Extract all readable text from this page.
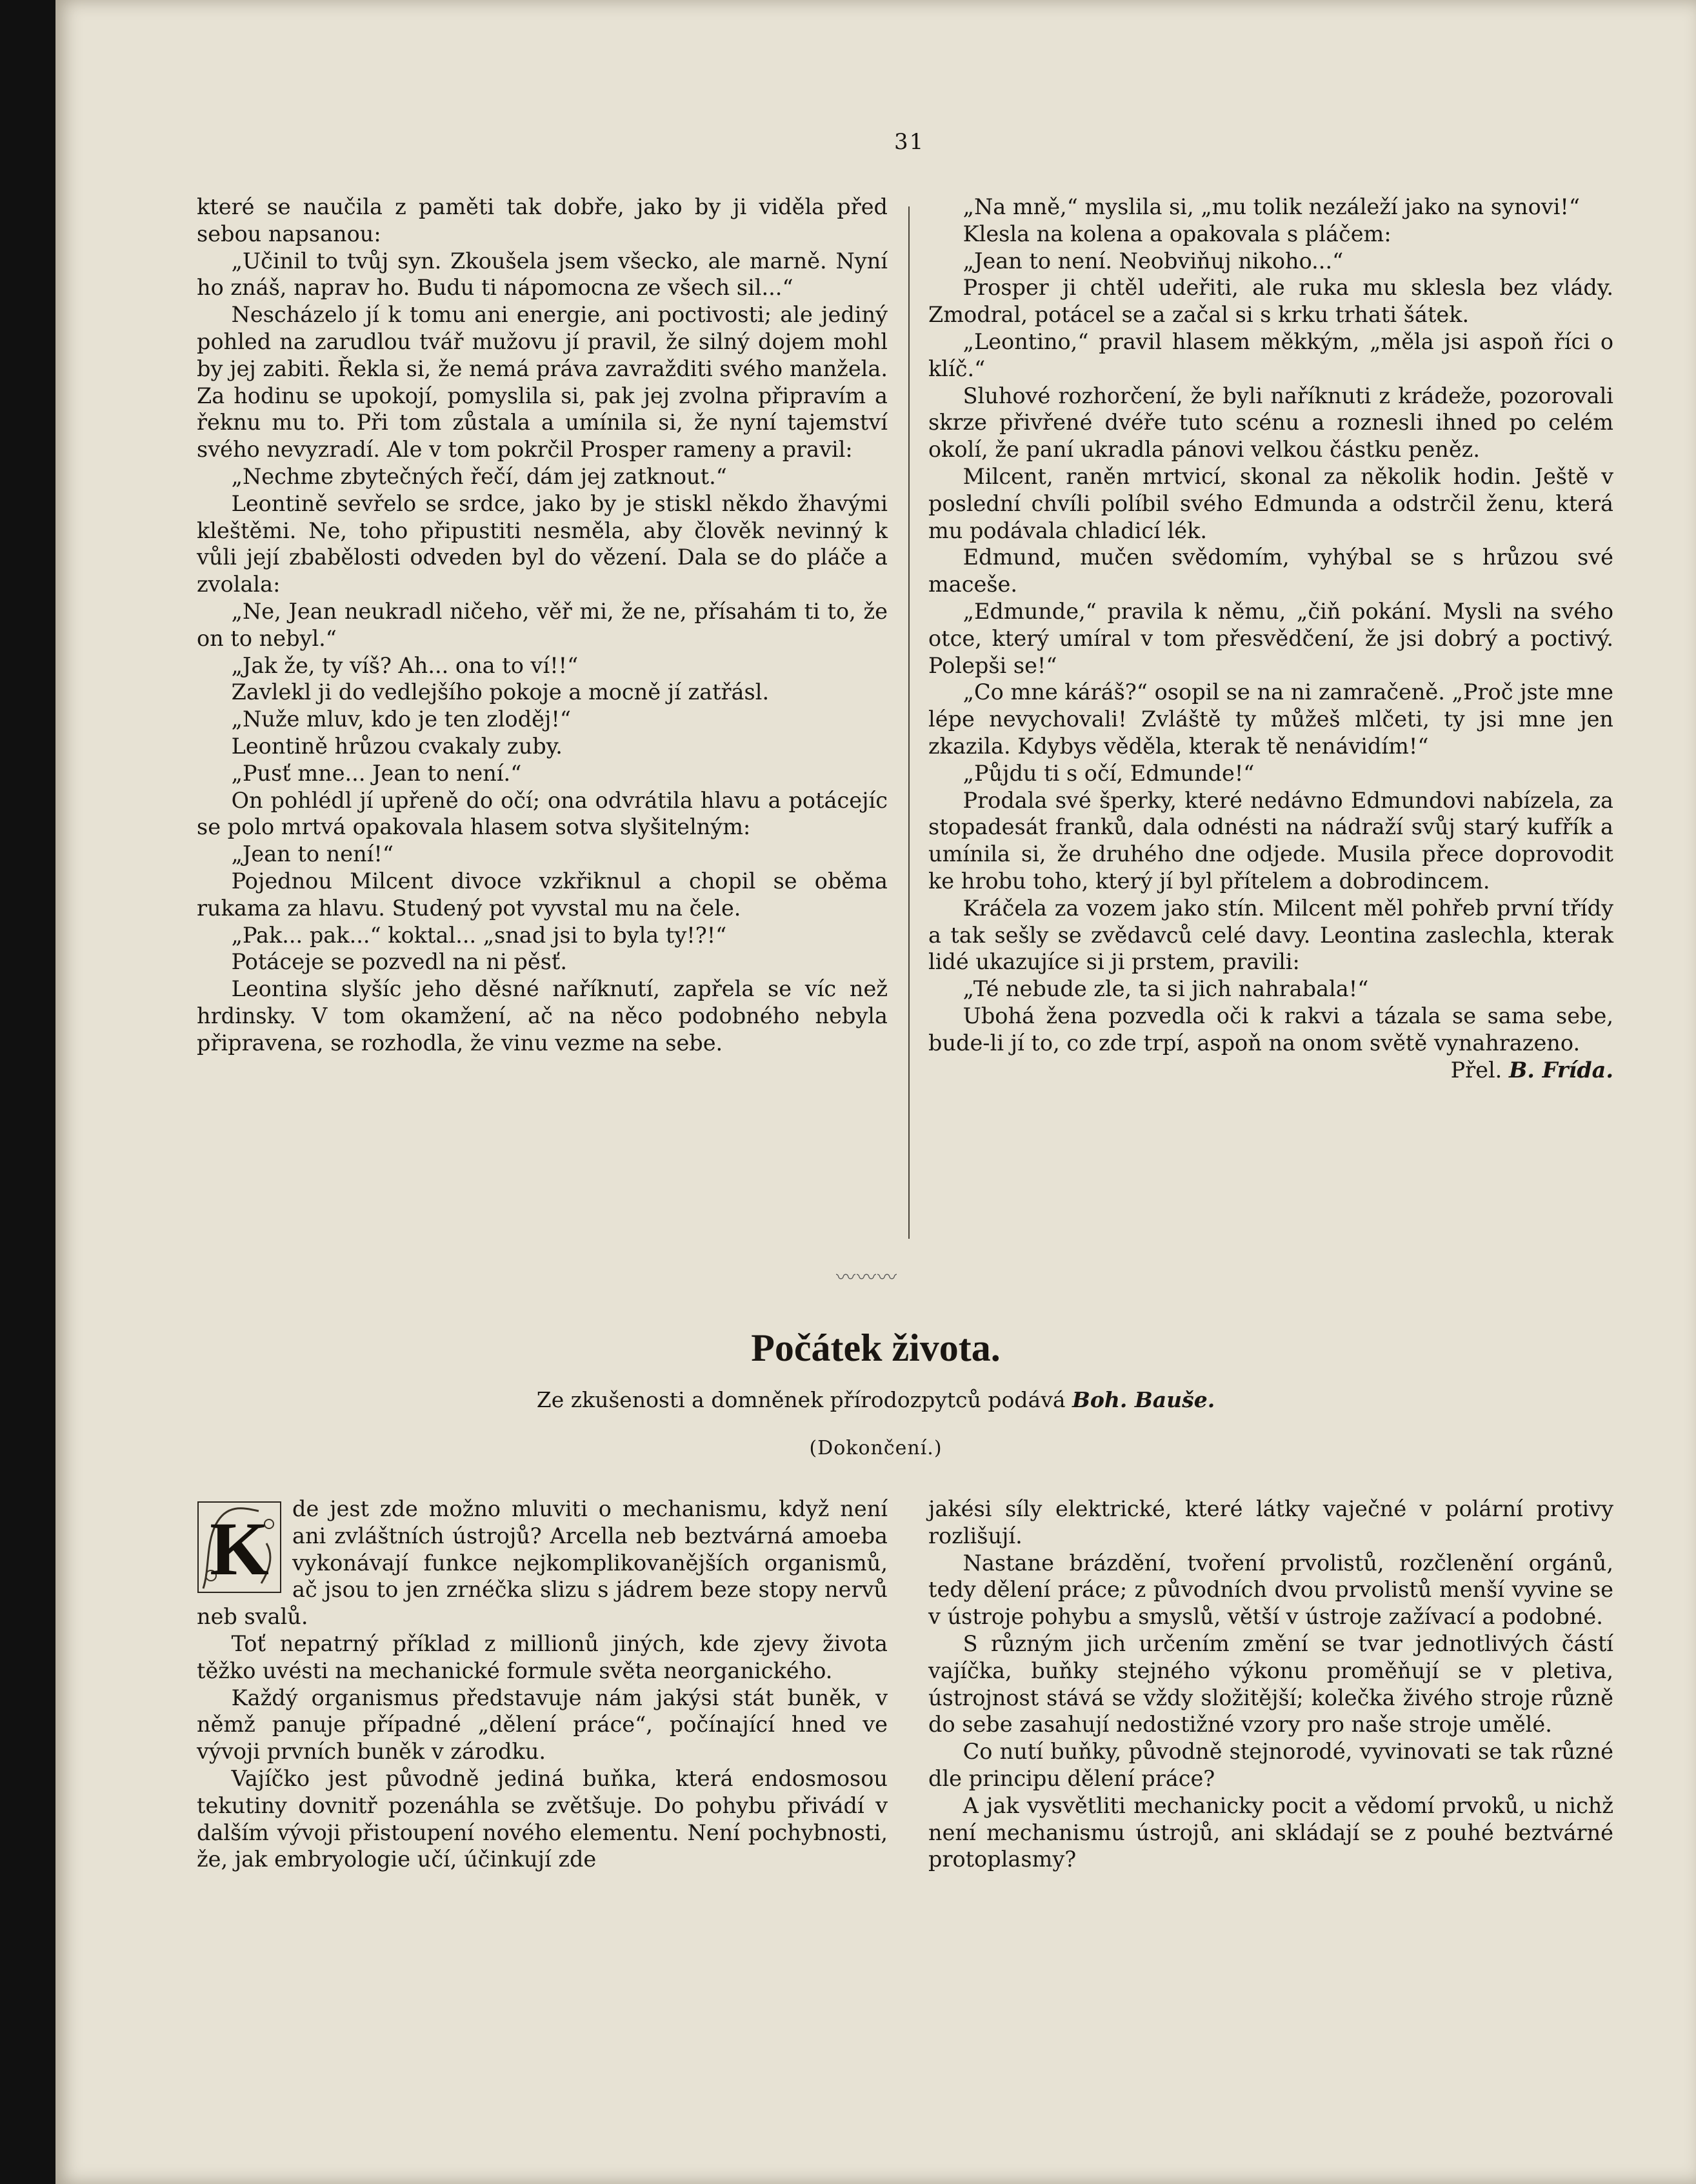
31

které se naučila z paměti tak dobře, jako by ji viděla před sebou napsanou:

„Učinil to tvůj syn. Zkoušela jsem všecko, ale marně. Nyní ho znáš, naprav ho. Budu ti nápomocna ze všech sil...“

Nescházelo jí k tomu ani energie, ani poctivosti; ale jediný pohled na zarudlou tvář mužovu jí pravil, že silný dojem mohl by jej zabiti. Řekla si, že nemá práva zavražditi svého manžela. Za hodinu se upokojí, pomyslila si, pak jej zvolna připravím a řeknu mu to. Při tom zůstala a umínila si, že nyní tajemství svého nevyzradí. Ale v tom pokrčil Prosper rameny a pravil:

„Nechme zbytečných řečí, dám jej zatknout.“

Leontině sevřelo se srdce, jako by je stiskl někdo žhavými kleštěmi. Ne, toho připustiti nesměla, aby člověk nevinný k vůli její zbabělosti odveden byl do vězení. Dala se do pláče a zvolala:

„Ne, Jean neukradl ničeho, věř mi, že ne, přísahám ti to, že on to nebyl.“

„Jak že, ty víš? Ah... ona to ví!!“

Zavlekl ji do vedlejšího pokoje a mocně jí zatřásl.

„Nuže mluv, kdo je ten zloděj!“

Leontině hrůzou cvakaly zuby.

„Pusť mne... Jean to není.“

On pohlédl jí upřeně do očí; ona odvrátila hlavu a potácejíc se polo mrtvá opakovala hlasem sotva slyšitelným:

„Jean to není!“

Pojednou Milcent divoce vzkřiknul a chopil se oběma rukama za hlavu. Studený pot vyvstal mu na čele.

„Pak... pak...“ koktal... „snad jsi to byla ty!?!“

Potáceje se pozvedl na ni pěsť.

Leontina slyšíc jeho děsné naříknutí, zapřela se víc než hrdinsky. V tom okamžení, ač na něco podobného nebyla připravena, se rozhodla, že vinu vezme na sebe.

„Na mně,“ myslila si, „mu tolik nezáleží jako na synovi!“

Klesla na kolena a opakovala s pláčem:

„Jean to není. Neobviňuj nikoho...“

Prosper ji chtěl udeřiti, ale ruka mu sklesla bez vlády. Zmodral, potácel se a začal si s krku trhati šátek.

„Leontino,“ pravil hlasem měkkým, „měla jsi aspoň říci o klíč.“

Sluhové rozhorčení, že byli naříknuti z krádeže, pozorovali skrze přivřené dvéře tuto scénu a roznesli ihned po celém okolí, že paní ukradla pánovi velkou částku peněz.

Milcent, raněn mrtvicí, skonal za několik hodin. Ještě v poslední chvíli políbil svého Edmunda a odstrčil ženu, která mu podávala chladicí lék.

Edmund, mučen svědomím, vyhýbal se s hrůzou své macešе.

„Edmunde,“ pravila k němu, „čiň pokání. Mysli na svého otce, který umíral v tom přesvědčení, že jsi dobrý a poctivý. Polepši se!“

„Co mne káráš?“ osopil se na ni zamračeně. „Proč jste mne lépe nevychovali! Zvláště ty můžeš mlčeti, ty jsi mne jen zkazila. Kdybys věděla, kterak tě nenávidím!“

„Půjdu ti s očí, Edmunde!“

Prodala své šperky, které nedávno Edmundovi nabízela, za stopadesát franků, dala odnésti na nádraží svůj starý kufřík a umínila si, že druhého dne odjede. Musila přece doprovodit ke hrobu toho, který jí byl přítelem a dobrodincem.

Kráčela za vozem jako stín. Milcent měl pohřeb první třídy a tak sešly se zvědavců celé davy. Leontina zaslechla, kterak lidé ukazujíce si ji prstem, pravili:

„Té nebude zle, ta si jich nahrabala!“

Ubohá žena pozvedla oči k rakvi a tázala se sama sebe, bude-li jí to, co zde trpí, aspoň na onom světě vynahrazeno.

Přel. B. Frída.

〰〰〰
Počátek života.
Ze zkušenosti a domněnek přírodozpytců podává Boh. Bauše.
(Dokončení.)
K	de jest zde možno mluviti o mechanismu, když není ani zvláštních ústrojů? Arcella neb beztvárná amoeba vykonávají funkce nejkomplikovanějších organismů, ač jsou to jen zrnéčka slizu s jádrem beze stopy nervů neb svalů.

Toť nepatrný příklad z millionů jiných, kde zjevy života těžko uvésti na mechanické formule světa neorganického.

Každý organismus představuje nám jakýsi stát buněk, v němž panuje případné „dělení práce“, počínající hned ve vývoji prvních buněk v zárodku.

Vajíčko jest původně jediná buňka, která endosmosou tekutiny dovnitř pozenáhla se zvětšuje. Do pohybu přivádí v dalším vývoji přistoupení nového elementu. Není pochybnosti, že, jak embryologie učí, účinkují zde

jakési síly elektrické, které látky vaječné v polární protivy rozlišují.

Nastane brázdění, tvoření prvolistů, rozčlenění orgánů, tedy dělení práce; z původních dvou prvolistů menší vyvine se v ústroje pohybu a smyslů, větší v ústroje zažívací a podobné.

S různým jich určením změní se tvar jednotlivých částí vajíčka, buňky stejného výkonu proměňují se v pletiva, ústrojnost stává se vždy složitější; kolečka živého stroje různě do sebe zasahují nedostižné vzory pro naše stroje umělé.

Co nutí buňky, původně stejnorodé, vyvinovati se tak různé dle principu dělení práce?

A jak vysvětliti mechanicky pocit a vědomí prvoků, u nichž není mechanismu ústrojů, ani skládají se z pouhé beztvárné protoplasmy?
